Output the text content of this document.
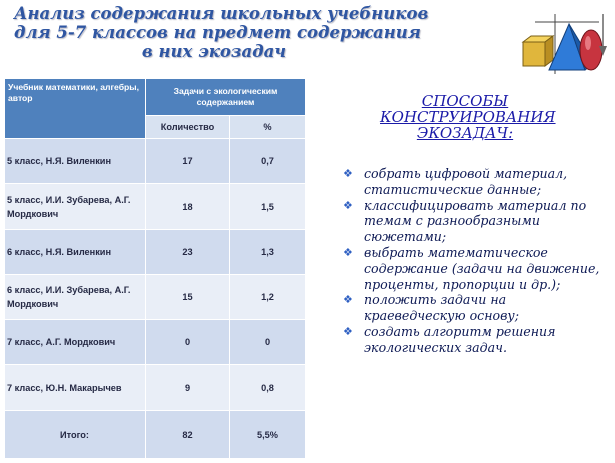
Анализ содержания школьных учебников
для 5-7 классов на предмет содержания
в них экозадач
Учебник математики, алгебры, автор	Задачи с экологическим содержанием	
	Количество	%
5 класс, Н.Я. Виленкин	17	0,7
5 класс, И.И. Зубарева, А.Г. Мордкович	18	1,5
6 класс, Н.Я. Виленкин	23	1,3
6 класс, И.И. Зубарева, А.Г. Мордкович	15	1,2
7 класс, А.Г. Мордкович	0	0
7 класс, Ю.Н. Макарычев	9	0,8
Итого:	82	5,5%
СПОСОБЫ
КОНСТРУИРОВАНИЯ
ЭКОЗАДАЧ:
❖ собрать цифровой материал, статистические данные;
❖ классифицировать материал по темам с разнообразными сюжетами;
❖ выбрать математическое содержание (задачи на движение, проценты, пропорции и др.);
❖ положить задачи на краеведческую основу;
❖ создать алгоритм решения экологических задач.
